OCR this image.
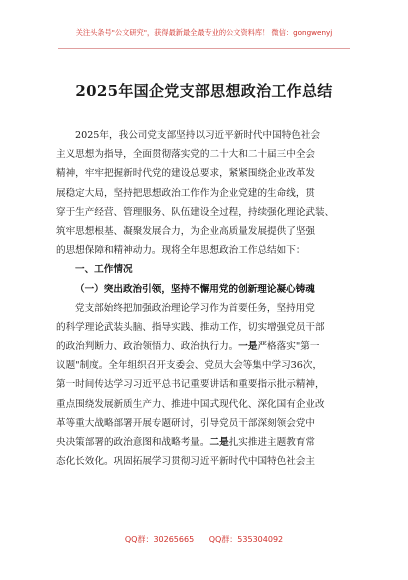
关注头条号"公文研究"，获得最新最全最专业的公文资料库！ 微信：gongwenyj
2025年国企党支部思想政治工作总结
2025年，我公司党支部坚持以习近平新时代中国特色社会
主义思想为指导，全面贯彻落实党的二十大和二十届三中全会
精神，牢牢把握新时代党的建设总要求，紧紧围绕企业改革发
展稳定大局，坚持把思想政治工作作为企业党建的生命线，贯
穿于生产经营、管理服务、队伍建设全过程，持续强化理论武装、
筑牢思想根基、凝聚发展合力，为企业高质量发展提供了坚强
的思想保障和精神动力。现将全年思想政治工作总结如下：
一、工作情况
（一）突出政治引领，坚持不懈用党的创新理论凝心铸魂
党支部始终把加强政治理论学习作为首要任务，坚持用党
的科学理论武装头脑、指导实践、推动工作，切实增强党员干部
的政治判断力、政治领悟力、政治执行力。一是严格落实"第一
议题"制度。全年组织召开支委会、党员大会等集中学习36次，
第一时间传达学习习近平总书记重要讲话和重要指示批示精神，
重点围绕发展新质生产力、推进中国式现代化、深化国有企业改
革等重大战略部署开展专题研讨，引导党员干部深刻领会党中
央决策部署的政治意图和战略考量。二是扎实推进主题教育常
态化长效化。巩固拓展学习贯彻习近平新时代中国特色社会主
QQ群：30265665 QQ群：535304092
